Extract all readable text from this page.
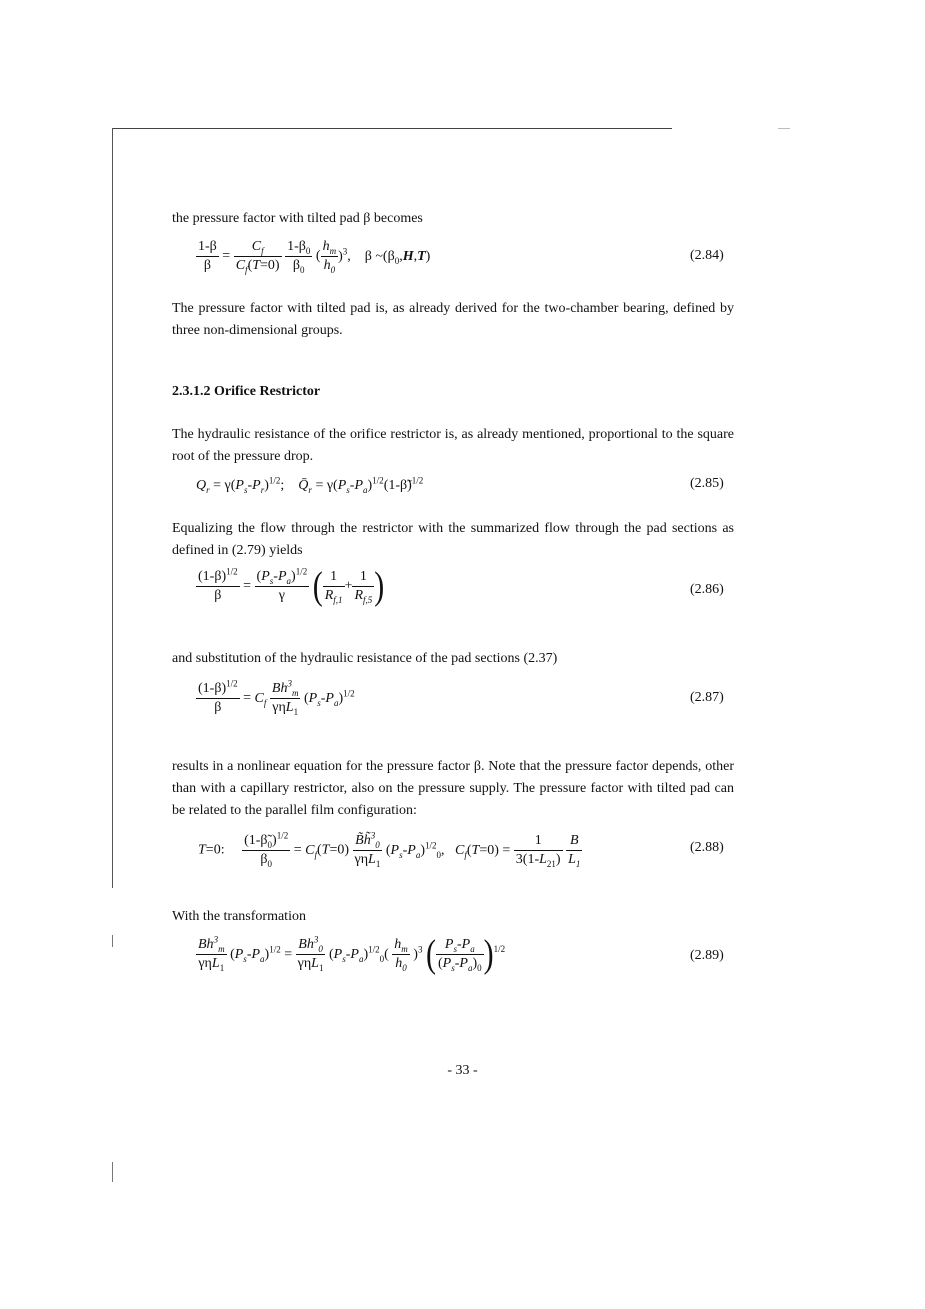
the pressure factor with tilted pad β becomes
$\frac{1-\beta}{\beta} = \frac{C_f}{C_f(T=0)}$
$\frac{1-\beta_0}{\beta_0}$ ( $\frac{h_m}{h_0} )^3$,    β $\sim(\beta_0,H,T)$	(2.84)
The pressure factor with tilted pad is, as already derived for the two-chamber bearing, defined by three non-dimensional groups.
2.3.1.2 Orifice Restrictor
The hydraulic resistance of the orifice restrictor is, as already mentioned, proportional to the square root of the pressure drop.
$Q_r = \gamma(P_s-P_r)^{1/2}$;    $Q̄_r$ = $\gamma(P_s-P_a)^{1/2}(1-\betã)^{1/2}$	(2.85)
Equalizing the flow through the restrictor with the summarized flow through the pad sections as defined in (2.79) yields
$\frac{(1-\beta)^{1/2}}{\beta} = \frac{(P_s-P_a)^{1/2}}{\gamma}$ ( $\frac{1}{R_{f,1}} + \frac{1}{R_{f,5}}$ )	(2.86)
and substitution of the hydraulic resistance of the pad sections (2.37)
$\frac{(1-\beta)^{1/2}}{\beta} = C_f \frac{Bh^3_m}{\gamma\eta L_1} (P_s-P_a)^{1/2}$	(2.87)
results in a nonlinear equation for the pressure factor β. Note that the pressure factor depends, other than with a capillary restrictor, also on the pressure supply. The pressure factor with tilted pad can be related to the parallel film configuration:
T=0: $\frac{(1-\betã_0)^{1/2}}{\beta_0} = C_f(T=0) \frac{B̃h̃^3_0}{\gamma\eta L_1} (P_s-P_a)^{1/2}_0$,   $C_f(T=0) = \frac{1}{3(1-L_{21})}$
$\frac{B}{L_1}$	(2.88)
With the transformation
$\frac{Bh^3_m}{\gamma\eta L_1} (P_s-P_a)^{1/2} = \frac{Bh^3_0}{\gamma\eta L_1} (P_s-P_a)^{1/2}_0( \frac{h_m}{h_0} )^3$ ( $\frac{P_s-P_a}{(P_s-P_a)_0} )^{1/2}$	(2.89)
- 33 -
